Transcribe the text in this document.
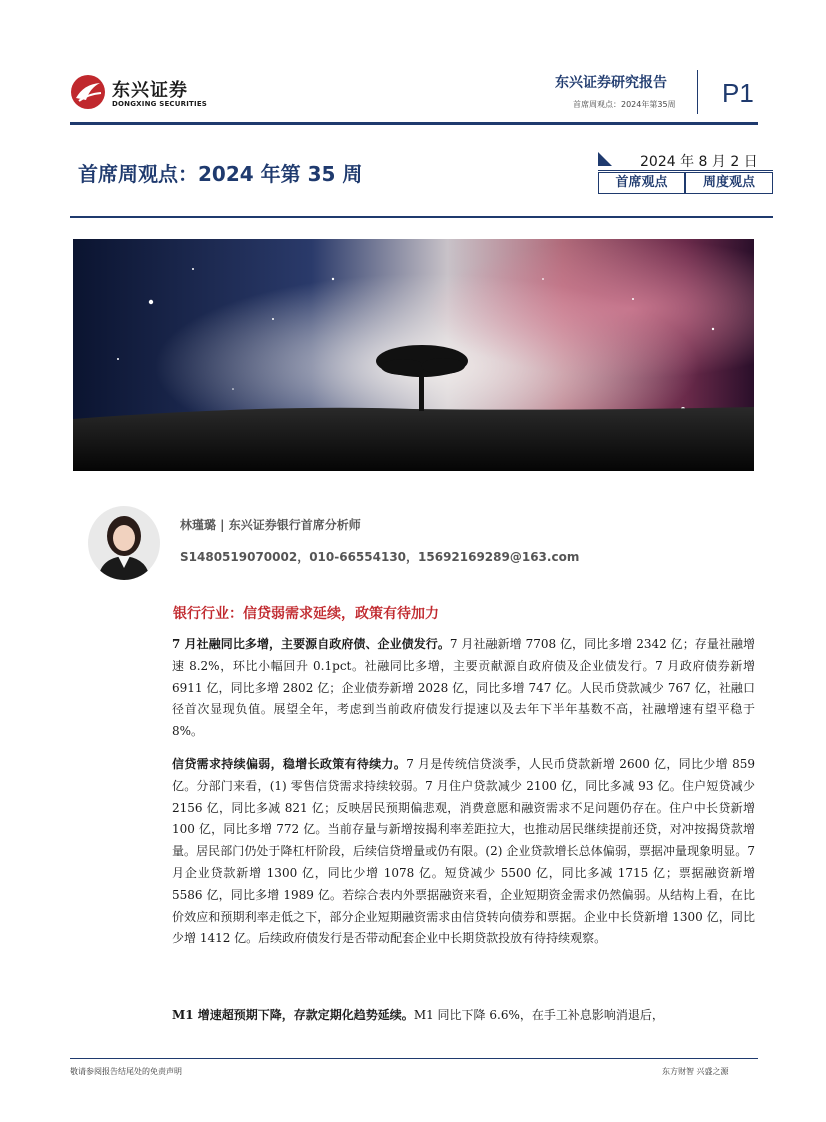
东兴证券
DONGXING SECURITIES
东兴证券研究报告
首席周观点：2024年第35周 P1
首席周观点：2024 年第 35 周	2024 年 8 月 2 日
首席观点	周度观点
林瑾璐 | 东兴证券银行首席分析师
S1480519070002，010-66554130，15692169289@163.com
银行行业：信贷弱需求延续，政策有待加力
7 月社融同比多增，主要源自政府债、企业债发行。7 月社融新增 7708 亿，同比多增 2342 亿；存量社融增速 8.2%，环比小幅回升 0.1pct。社融同比多增，主要贡献源自政府债及企业债发行。7 月政府债券新增 6911 亿，同比多增 2802 亿；企业债券新增 2028 亿，同比多增 747 亿。人民币贷款减少 767 亿，社融口径首次显现负值。展望全年，考虑到当前政府债发行提速以及去年下半年基数不高，社融增速有望平稳于 8%。
信贷需求持续偏弱，稳增长政策有待续力。7 月是传统信贷淡季，人民币贷款新增 2600 亿，同比少增 859 亿。分部门来看，(1) 零售信贷需求持续较弱。7 月住户贷款减少 2100 亿，同比多减 93 亿。住户短贷减少 2156 亿，同比多减 821 亿；反映居民预期偏悲观，消费意愿和融资需求不足问题仍存在。住户中长贷新增 100 亿，同比多增 772 亿。当前存量与新增按揭利率差距拉大，也推动居民继续提前还贷，对冲按揭贷款增量。居民部门仍处于降杠杆阶段，后续信贷增量或仍有限。(2) 企业贷款增长总体偏弱，票据冲量现象明显。7 月企业贷款新增 1300 亿，同比少增 1078 亿。短贷减少 5500 亿，同比多减 1715 亿；票据融资新增 5586 亿，同比多增 1989 亿。若综合表内外票据融资来看，企业短期资金需求仍然偏弱。从结构上看，在比价效应和预期利率走低之下，部分企业短期融资需求由信贷转向债券和票据。企业中长贷新增 1300 亿，同比少增 1412 亿。后续政府债发行是否带动配套企业中长期贷款投放有待持续观察。
M1 增速超预期下降，存款定期化趋势延续。M1 同比下降 6.6%，在手工补息影响消退后，
敬请参阅报告结尾处的免责声明	东方财智 兴盛之源
